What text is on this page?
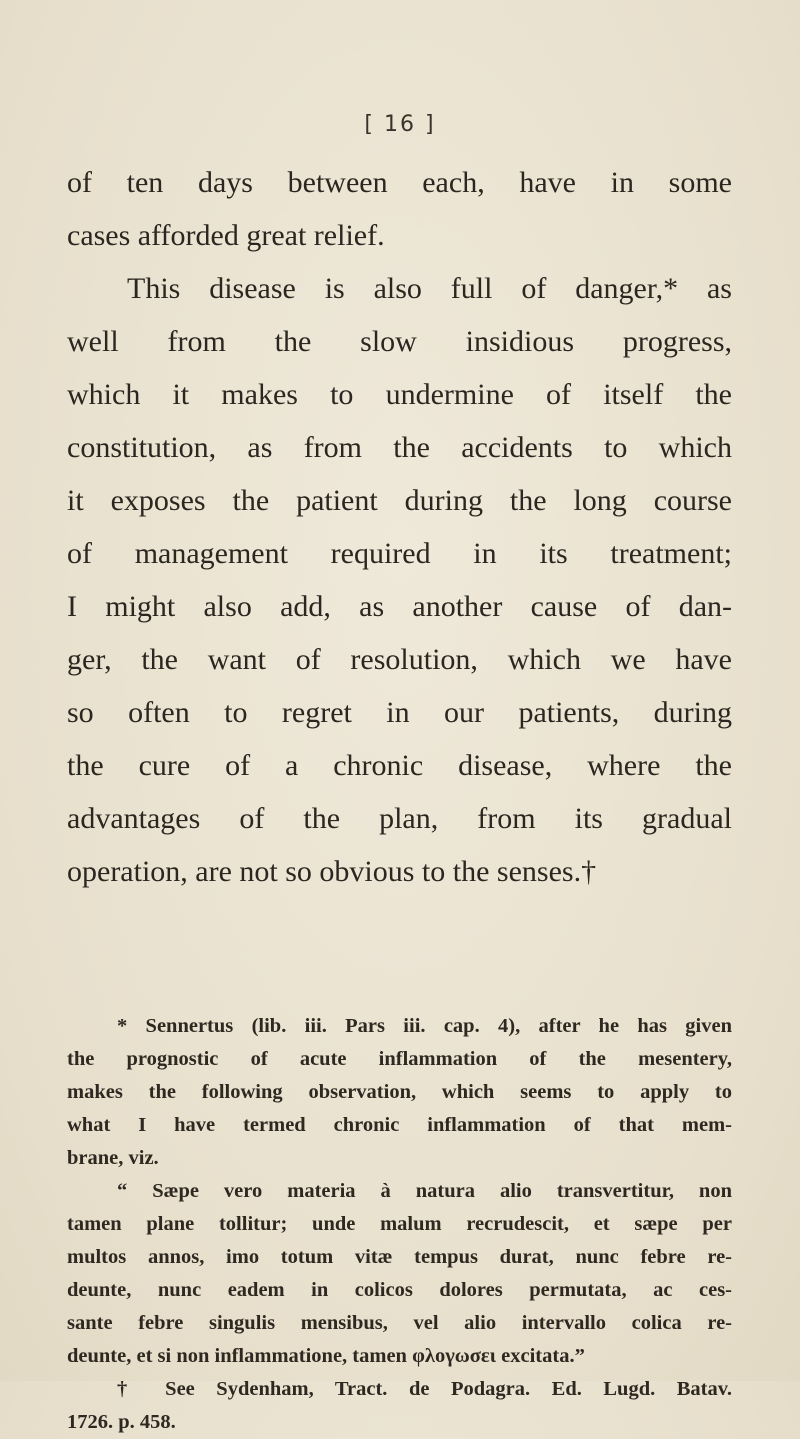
[ 16 ]
of ten days between each, have in some
cases afforded great relief.
This disease is also full of danger,* as
well from the slow insidious progress,
which it makes to undermine of itself the
constitution, as from the accidents to which
it exposes the patient during the long course
of management required in its treatment;
I might also add, as another cause of dan-
ger, the want of resolution, which we have
so often to regret in our patients, during
the cure of a chronic disease, where the
advantages of the plan, from its gradual
operation, are not so obvious to the senses.†
* Sennertus (lib. iii. Pars iii. cap. 4), after he has given
the prognostic of acute inflammation of the mesentery,
makes the following observation, which seems to apply to
what I have termed chronic inflammation of that mem-
brane, viz.
“ Sæpe vero materia à natura alio transvertitur, non
tamen plane tollitur; unde malum recrudescit, et sæpe per
multos annos, imo totum vitæ tempus durat, nunc febre re-
deunte, nunc eadem in colicos dolores permutata, ac ces-
sante febre singulis mensibus, vel alio intervallo colica re-
deunte, et si non inflammatione, tamen φλογωσει excitata.”
† See Sydenham, Tract. de Podagra. Ed. Lugd. Batav.
1726. p. 458.
